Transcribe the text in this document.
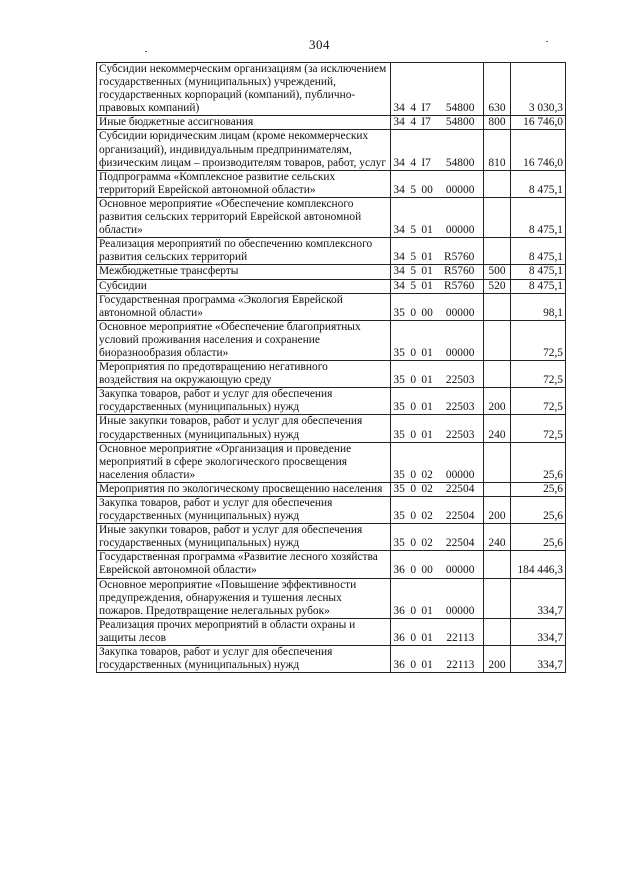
304
Субсидии некоммерческим организациям (за исключением государственных (муниципальных) учреждений, государственных корпораций (компаний), публично-правовых компаний)	34 4 I7 54800	630	3 030,3
Иные бюджетные ассигнования	34 4 I7 54800	800	16 746,0
Субсидии юридическим лицам (кроме некоммерческих организаций), индивидуальным предпринимателям, физическим лицам – производителям товаров, работ, услуг	34 4 I7 54800	810	16 746,0
Подпрограмма «Комплексное развитие сельских территорий Еврейской автономной области»	34 5 00 00000		8 475,1
Основное мероприятие «Обеспечение комплексного развития сельских территорий Еврейской автономной области»	34 5 01 00000		8 475,1
Реализация мероприятий по обеспечению комплексного развития сельских территорий	34 5 01 R5760		8 475,1
Межбюджетные трансферты	34 5 01 R5760	500	8 475,1
Субсидии	34 5 01 R5760	520	8 475,1
Государственная программа «Экология Еврейской автономной области»	35 0 00 00000		98,1
Основное мероприятие «Обеспечение благоприятных условий проживания населения и сохранение биоразнообразия области»	35 0 01 00000		72,5
Мероприятия по предотвращению негативного воздействия на окружающую среду	35 0 01 22503		72,5
Закупка товаров, работ и услуг для обеспечения государственных (муниципальных) нужд	35 0 01 22503	200	72,5
Иные закупки товаров, работ и услуг для обеспечения государственных (муниципальных) нужд	35 0 01 22503	240	72,5
Основное мероприятие «Организация и проведение мероприятий в сфере экологического просвещения населения области»	35 0 02 00000		25,6
Мероприятия по экологическому просвещению населения	35 0 02 22504		25,6
Закупка товаров, работ и услуг для обеспечения государственных (муниципальных) нужд	35 0 02 22504	200	25,6
Иные закупки товаров, работ и услуг для обеспечения государственных (муниципальных) нужд	35 0 02 22504	240	25,6
Государственная программа «Развитие лесного хозяйства Еврейской автономной области»	36 0 00 00000		184 446,3
Основное мероприятие «Повышение эффективности предупреждения, обнаружения и тушения лесных пожаров. Предотвращение нелегальных рубок»	36 0 01 00000		334,7
Реализация прочих мероприятий в области охраны и защиты лесов	36 0 01 22113		334,7
Закупка товаров, работ и услуг для обеспечения государственных (муниципальных) нужд	36 0 01 22113	200	334,7
